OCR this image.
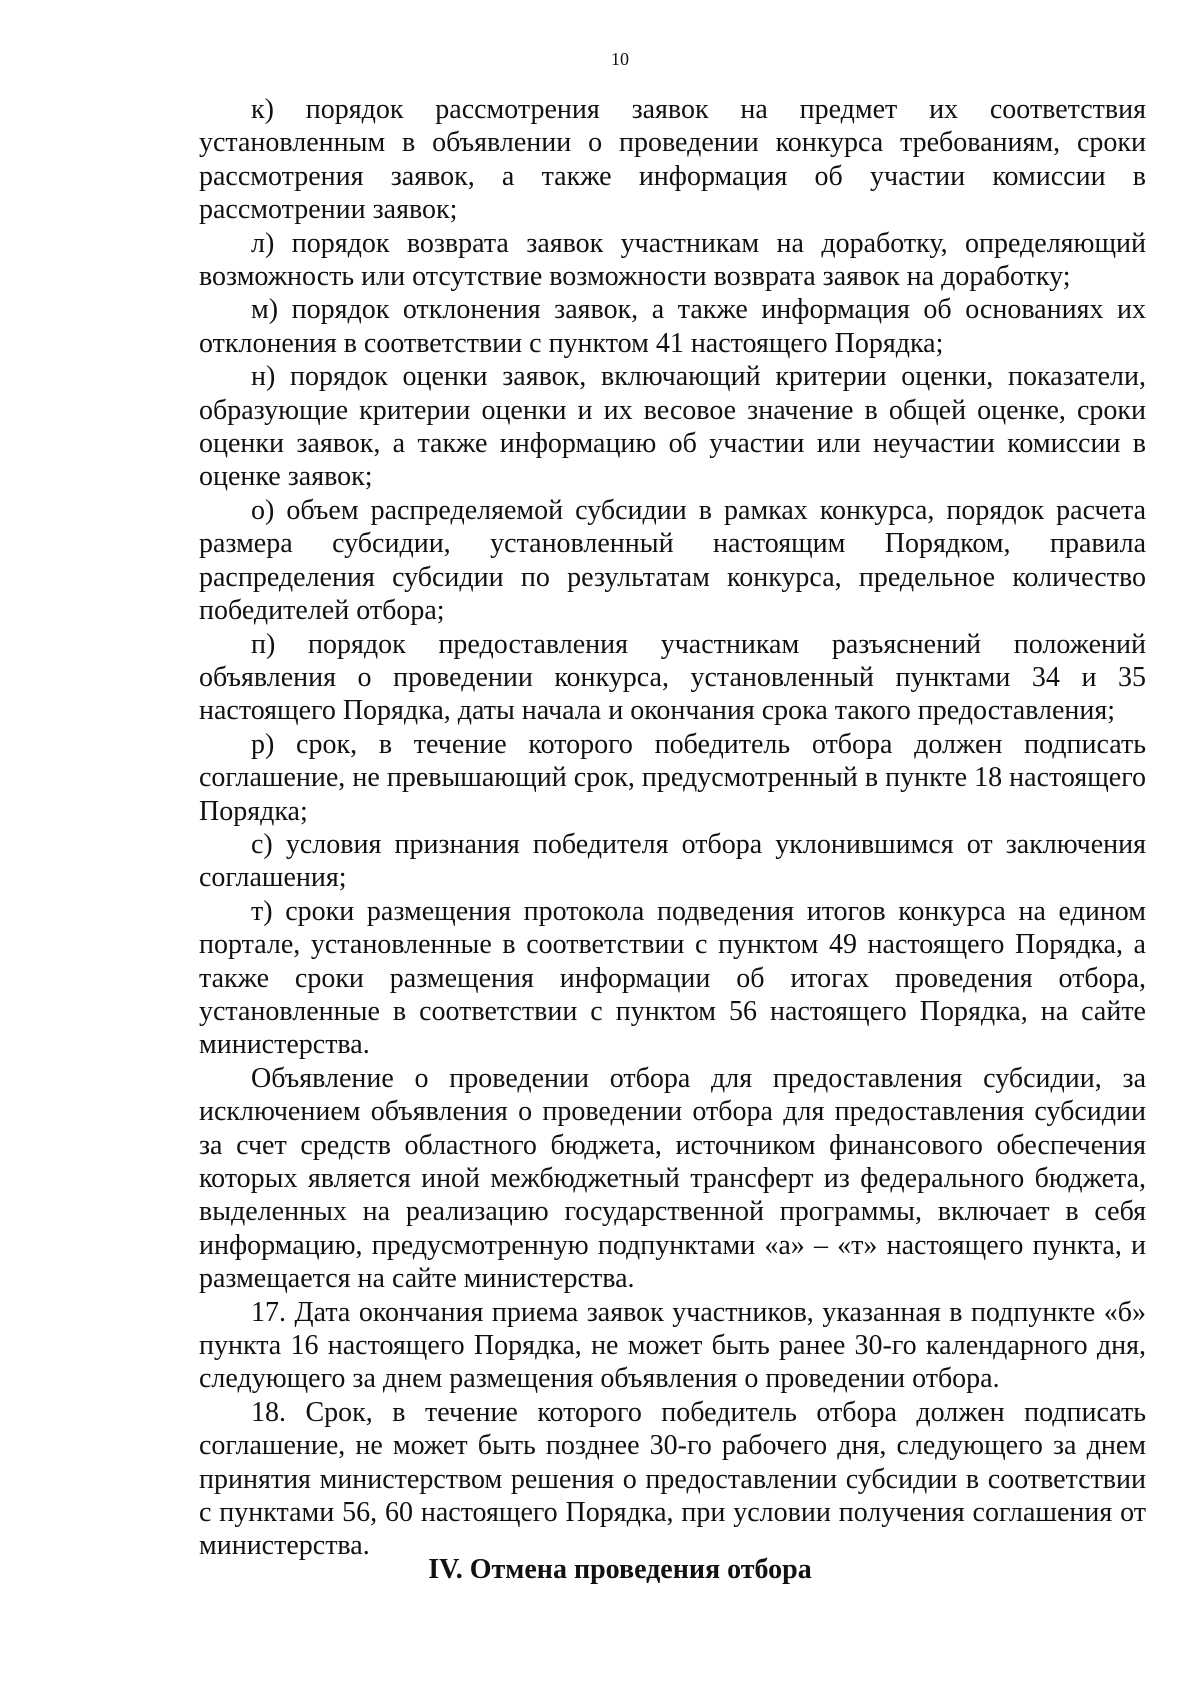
10

к) порядок рассмотрения заявок на предмет их соответствия установленным в объявлении о проведении конкурса требованиям, сроки рассмотрения заявок, а также информация об участии комиссии в рассмотрении заявок;

л) порядок возврата заявок участникам на доработку, определяющий возможность или отсутствие возможности возврата заявок на доработку;

м) порядок отклонения заявок, а также информация об основаниях их отклонения в соответствии с пунктом 41 настоящего Порядка;

н) порядок оценки заявок, включающий критерии оценки, показатели, образующие критерии оценки и их весовое значение в общей оценке, сроки оценки заявок, а также информацию об участии или неучастии комиссии в оценке заявок;

о) объем распределяемой субсидии в рамках конкурса, порядок расчета размера субсидии, установленный настоящим Порядком, правила распределения субсидии по результатам конкурса, предельное количество победителей отбора;

п) порядок предоставления участникам разъяснений положений объявления о проведении конкурса, установленный пунктами 34 и 35 настоящего Порядка, даты начала и окончания срока такого предоставления;

р) срок, в течение которого победитель отбора должен подписать соглашение, не превышающий срок, предусмотренный в пункте 18 настоящего Порядка;

с) условия признания победителя отбора уклонившимся от заключения соглашения;

т) сроки размещения протокола подведения итогов конкурса на едином портале, установленные в соответствии с пунктом 49 настоящего Порядка, а также сроки размещения информации об итогах проведения отбора, установленные в соответствии с пунктом 56 настоящего Порядка, на сайте министерства.

Объявление о проведении отбора для предоставления субсидии, за исключением объявления о проведении отбора для предоставления субсидии за счет средств областного бюджета, источником финансового обеспечения которых является иной межбюджетный трансферт из федерального бюджета, выделенных на реализацию государственной программы, включает в себя информацию, предусмотренную подпунктами «а» – «т» настоящего пункта, и размещается на сайте министерства.

17. Дата окончания приема заявок участников, указанная в подпункте «б» пункта 16 настоящего Порядка, не может быть ранее 30-го календарного дня, следующего за днем размещения объявления о проведении отбора.

18. Срок, в течение которого победитель отбора должен подписать соглашение, не может быть позднее 30-го рабочего дня, следующего за днем принятия министерством решения о предоставлении субсидии в соответствии с пунктами 56, 60 настоящего Порядка, при условии получения соглашения от министерства.

IV. Отмена проведения отбора
